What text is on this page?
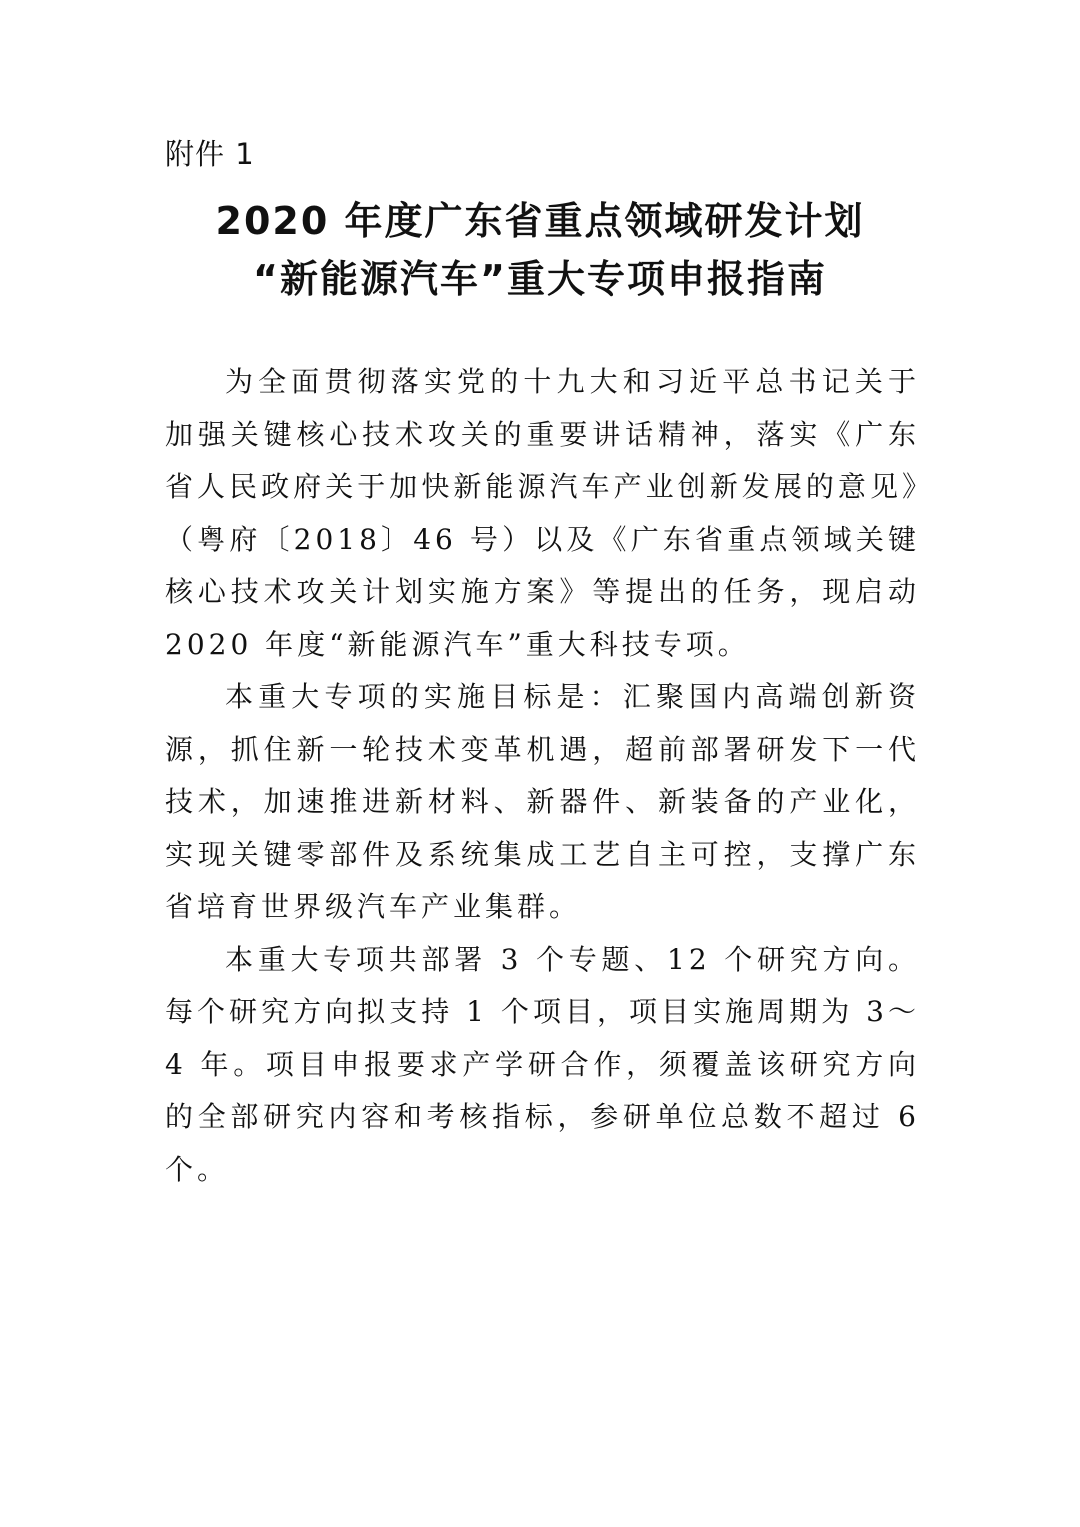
附件 1
2020 年度广东省重点领域研发计划
“新能源汽车”重大专项申报指南

为全面贯彻落实党的十九大和习近平总书记关于加强关键核心技术攻关的重要讲话精神，落实《广东省人民政府关于加快新能源汽车产业创新发展的意见》（粤府〔2018〕46 号）以及《广东省重点领域关键核心技术攻关计划实施方案》等提出的任务，现启动 2020 年度“新能源汽车”重大科技专项。

本重大专项的实施目标是：汇聚国内高端创新资源，抓住新一轮技术变革机遇，超前部署研发下一代技术，加速推进新材料、新器件、新装备的产业化，实现关键零部件及系统集成工艺自主可控，支撑广东省培育世界级汽车产业集群。

本重大专项共部署 3 个专题、12 个研究方向。每个研究方向拟支持 1 个项目，项目实施周期为 3～4 年。项目申报要求产学研合作，须覆盖该研究方向的全部研究内容和考核指标，参研单位总数不超过 6 个。
